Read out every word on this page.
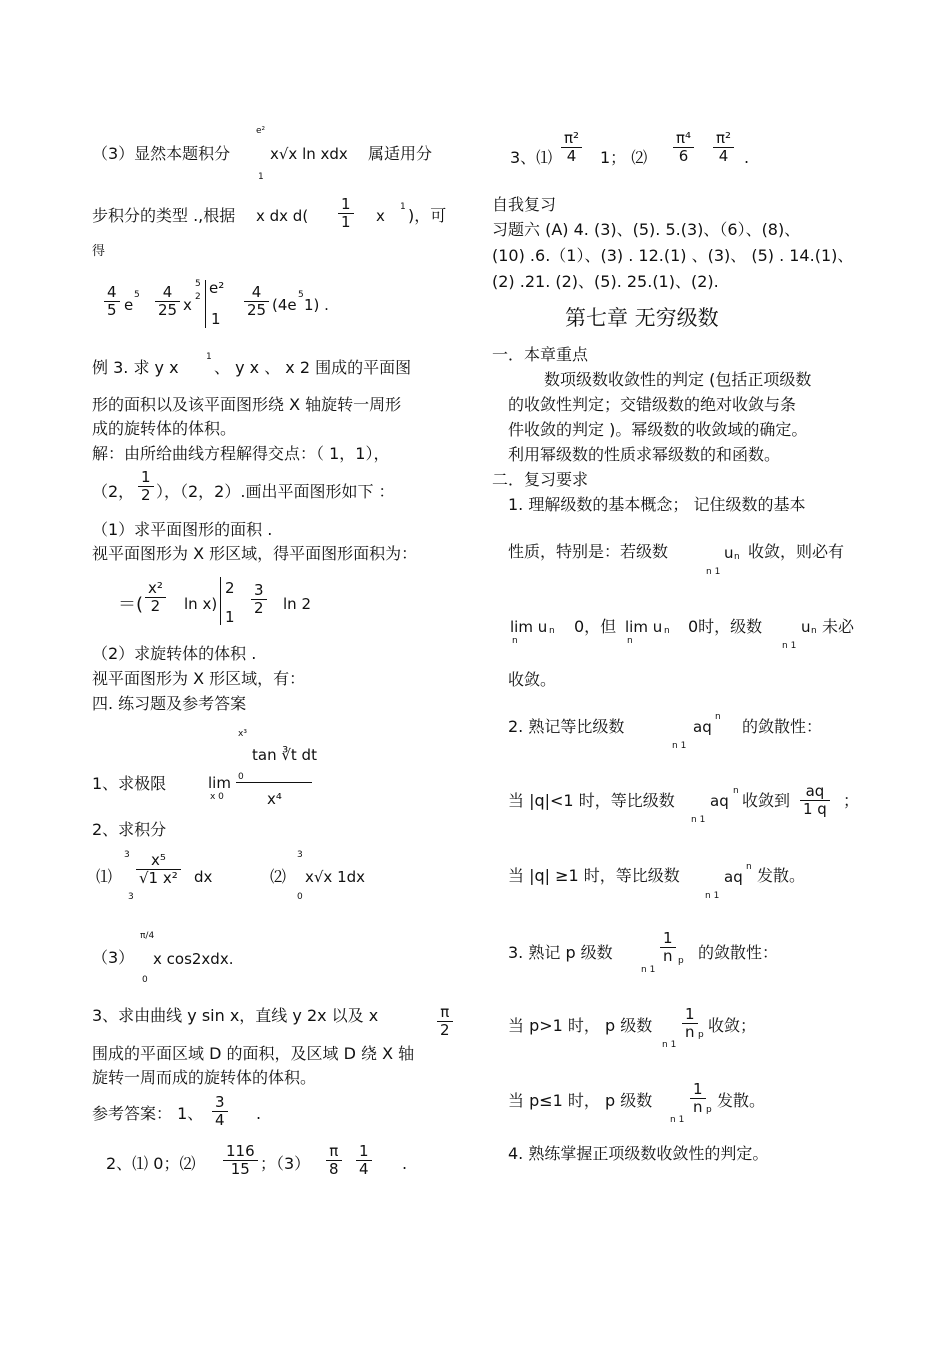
（3）显然本题积分
e²
1
x√x ln xdx 属适用分
步积分的类型 .,根据 x dx $d( \frac{1}{1}$ x 1 )，可
得
$\frac{4}{5}$ e
$5 \frac{4}{25}$ x
5
2 e²
$1 \frac{4}{25} (4e$
5
1) .
例 3. 求 y x
1
、 y x 、 x 2 围成的平面图
形的面积以及该平面图形绕 X 轴旋转一周形
成的旋转体的体积。
解：由所给曲线方程解得交点：（ 1，1），
（2， $\frac{1}{2}$ ），（2，2）.画出平面图形如下 ：
（1）求平面图形的面积 .
视平面图形为 X 形区域，得平面图形面积为：
＝( $\frac{\text{x²}}{2}$ ln x)
2
$1 \frac{3}{2}$ ln 2
（2）求旋转体的体积 .
视平面图形为 X 形区域，有：
四. 练习题及参考答案
x³
tan ∛t dt
0
1、求极限	lim
x 0	x⁴
2、求积分
⑴
3
3
$\frac{\text{x⁵}}{\text{√1 x²}}$ dx	⑵
3
0
x√x 1dx
（3）
π/4
0
x cos2xdx.
3、求由曲线 y sin x，直线 y 2x 以及 x	$\frac{\pi}{2}$
围成的平面区域 D 的面积，及区域 D 绕 X 轴
旋转一周而成的旋转体的体积。
参考答案： 1、 $\frac{3}{4}$ .
2、⑴ 0；⑵ $\frac{116}{15}$ ；$(3) \frac{\pi}{8} \frac{1}{4}$ .
3、⑴ $\frac{\text{π²}}{4} 1$； ⑵ $\frac{\text{π⁴}}{6} \frac{\text{π²}}{4}$ .
自我复习
习题六 (A) 4. (3)、(5). 5.(3)、（6）、(8)、
(10) .6.（1）、(3) . 12.(1) 、(3)、 (5) . 14.(1)、
(2) .21. (2)、(5). 25.(1)、(2).
第七章 无穷级数
一．本章重点
数项级数收敛性的判定 (包括正项级数
的收敛性判定；交错级数的绝对收敛与条
件收敛的判定 )。幂级数的收敛域的确定。
利用幂级数的性质求幂级数的和函数。
二．复习要求
1. 理解级数的基本概念； 记住级数的基本
性质，特别是：若级数	u n
n 1
收敛，则必有
lim u n
n
0，但 lim u n
n
0时，级数	u n
n 1
未必
收敛。
2. 熟记等比级数	aq
n
n 1
的敛散性：
当 |q|<1 时，等比级数 aq
n
n 1
收敛到 $\frac{aq}{1 q}$ ；
当 |q| ≥1 时，等比级数	aq
n
n 1
发散。
3. 熟记 p 级数	$\frac{1}{n}$ p
n 1
的敛散性：
当 p>1 时， p 级数 $\frac{1}{n}$ p
n 1
收敛；
当 p≤1 时， p 级数	$\frac{1}{n}$ p
n 1
发散。
4. 熟练掌握正项级数收敛性的判定。
